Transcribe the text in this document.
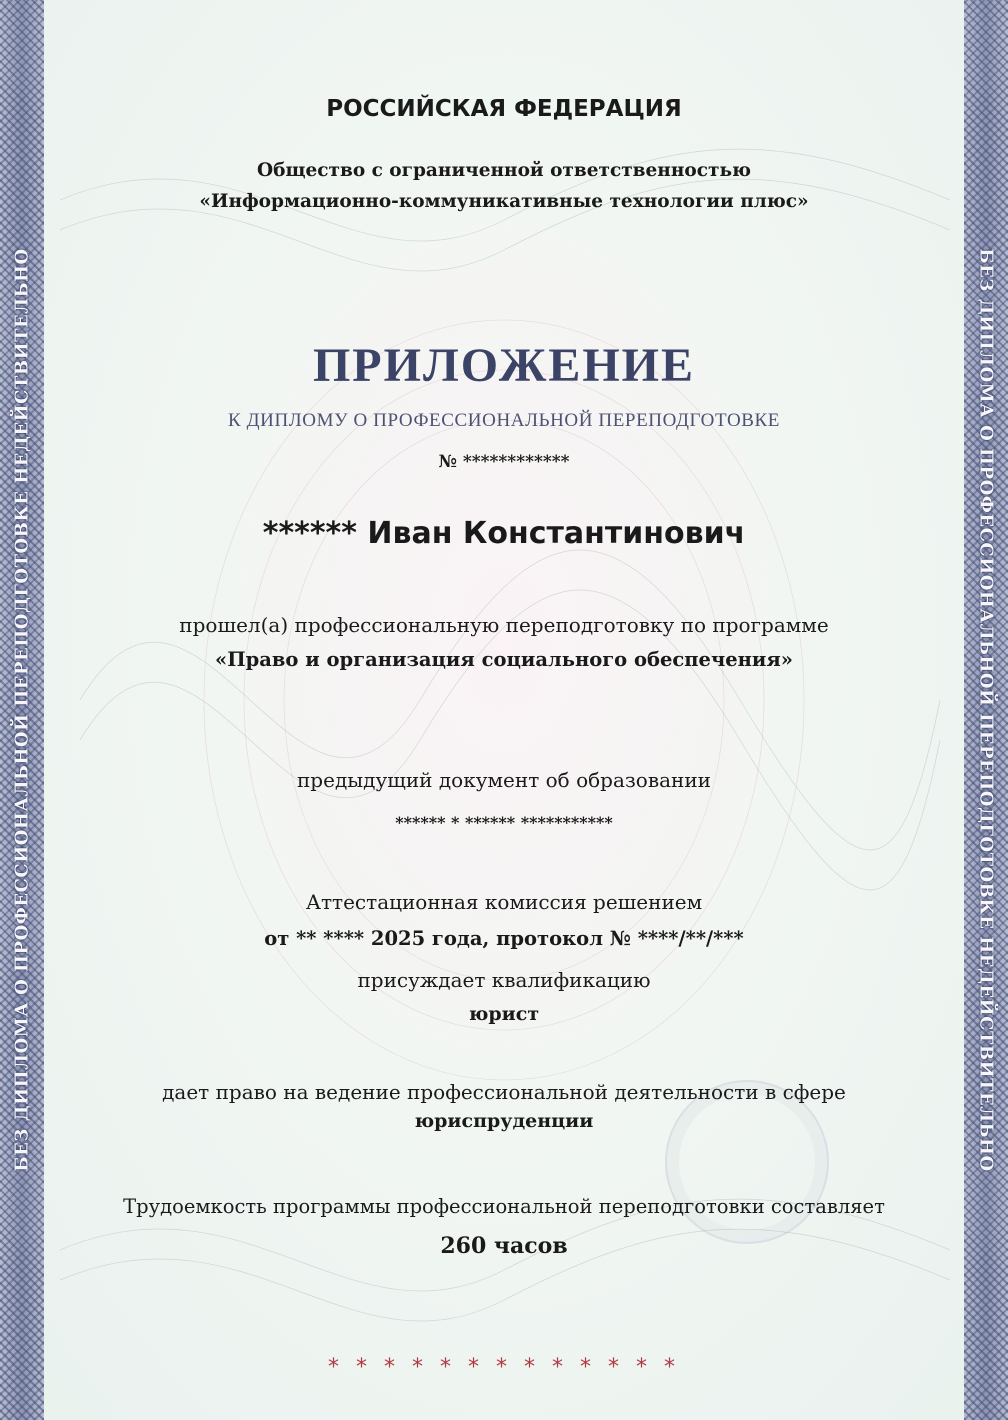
БЕЗ ДИПЛОМА О ПРОФЕССИОНАЛЬНОЙ ПЕРЕПОДГОТОВКЕ НЕДЕЙСТВИТЕЛЬНО	БЕЗ ДИПЛОМА О ПРОФЕССИОНАЛЬНОЙ ПЕРЕПОДГОТОВКЕ НЕДЕЙСТВИТЕЛЬНО
РОССИЙСКАЯ ФЕДЕРАЦИЯ
Общество с ограниченной ответственностью
«Информационно-коммуникативные технологии плюс»
ПРИЛОЖЕНИЕ
К ДИПЛОМУ О ПРОФЕССИОНАЛЬНОЙ ПЕРЕПОДГОТОВКЕ
№ ************
****** Иван Константинович
прошел(а) профессиональную переподготовку по программе
«Право и организация социального обеспечения»
предыдущий документ об образовании
****** * ****** ***********
Аттестационная комиссия решением
от ** **** 2025 года, протокол № ****/**/***
присуждает квалификацию
юрист
дает право на ведение профессиональной деятельности в сфере
юриспруденции
Трудоемкость программы профессиональной переподготовки составляет
260 часов
* * * * * * * * * * * * *
